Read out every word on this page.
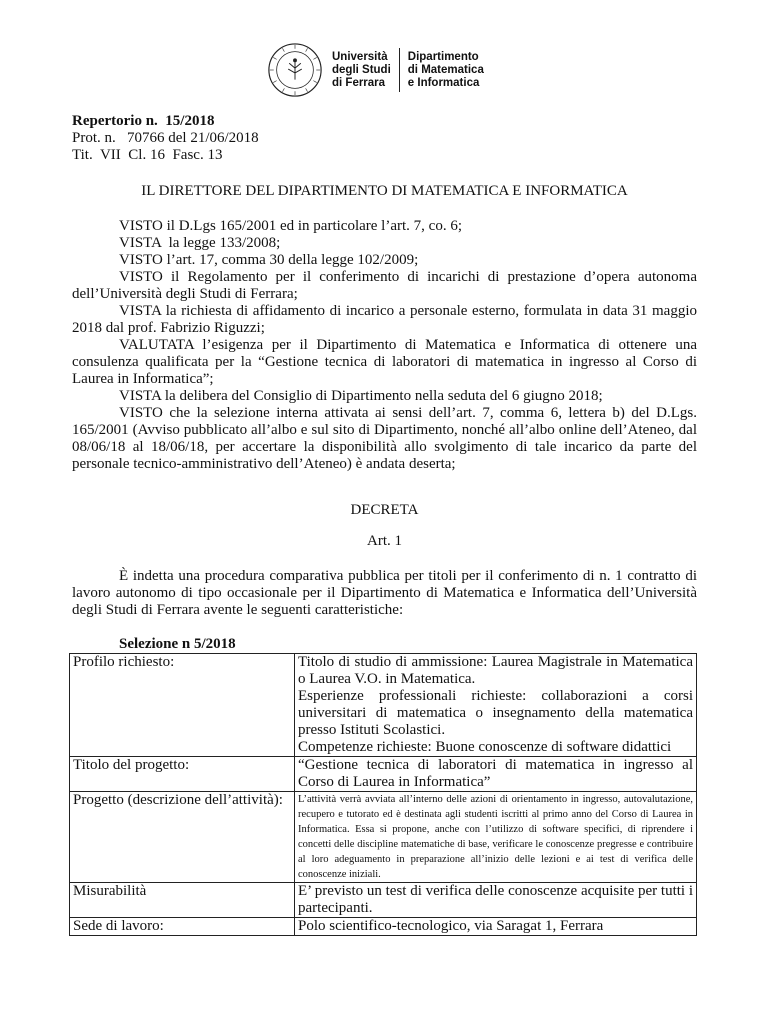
Università
degli Studi
di Ferrara
Dipartimento
di Matematica
e Informatica

Repertorio n.  15/2018

Prot. n.   70766 del 21/06/2018

Tit.  VII  Cl. 16  Fasc. 13

IL DIRETTORE DEL DIPARTIMENTO DI MATEMATICA E INFORMATICA

VISTO il D.Lgs 165/2001 ed in particolare l’art. 7, co. 6;

VISTA  la legge 133/2008;

VISTO l’art. 17, comma 30 della legge 102/2009;

VISTO il Regolamento per il conferimento di incarichi di prestazione d’opera autonoma dell’Università degli Studi di Ferrara;

VISTA la richiesta di affidamento di incarico a personale esterno, formulata in data 31 maggio 2018 dal prof. Fabrizio Riguzzi;

VALUTATA l’esigenza per il Dipartimento di Matematica e Informatica di ottenere una consulenza qualificata per la “Gestione tecnica di laboratori di matematica in ingresso al Corso di Laurea in Informatica”;

VISTA la delibera del Consiglio di Dipartimento nella seduta del 6 giugno 2018;

VISTO che la selezione interna attivata ai sensi dell’art. 7, comma 6, lettera b) del D.Lgs. 165/2001 (Avviso pubblicato all’albo e sul sito di Dipartimento, nonché all’albo online dell’Ateneo, dal 08/06/18 al 18/06/18, per accertare la disponibilità allo svolgimento di tale incarico da parte del personale tecnico-amministrativo dell’Ateneo) è andata deserta;

DECRETA

Art. 1

È indetta una procedura comparativa pubblica per titoli per il conferimento di n. 1 contratto di lavoro autonomo di tipo occasionale per il Dipartimento di Matematica e Informatica dell’Università degli Studi di Ferrara avente le seguenti caratteristiche:

Selezione n 5/2018

Profilo richiesto:	Titolo di studio di ammissione: Laurea Magistrale in Matematica o Laurea V.O. in Matematica.

Esperienze professionali richieste: collaborazioni a corsi universitari di matematica o insegnamento della matematica presso Istituti Scolastici.

Competenze richieste: Buone conoscenze di software didattici

Titolo del progetto:	“Gestione tecnica di laboratori di matematica in ingresso al Corso di Laurea in Informatica”
Progetto (descrizione dell’attività):	L’attività verrà avviata all’interno delle azioni di orientamento in ingresso, autovalutazione, recupero e tutorato ed è destinata agli studenti iscritti al primo anno del Corso di Laurea in Informatica. Essa si propone, anche con l’utilizzo di software specifici, di riprendere i concetti delle discipline matematiche di base, verificare le conoscenze pregresse e contribuire al loro adeguamento in preparazione all’inizio delle lezioni e ai test di verifica delle conoscenze iniziali.
Misurabilità	E’ previsto un test di verifica delle conoscenze acquisite per tutti i partecipanti.
Sede di lavoro:	Polo scientifico-tecnologico, via Saragat 1, Ferrara
